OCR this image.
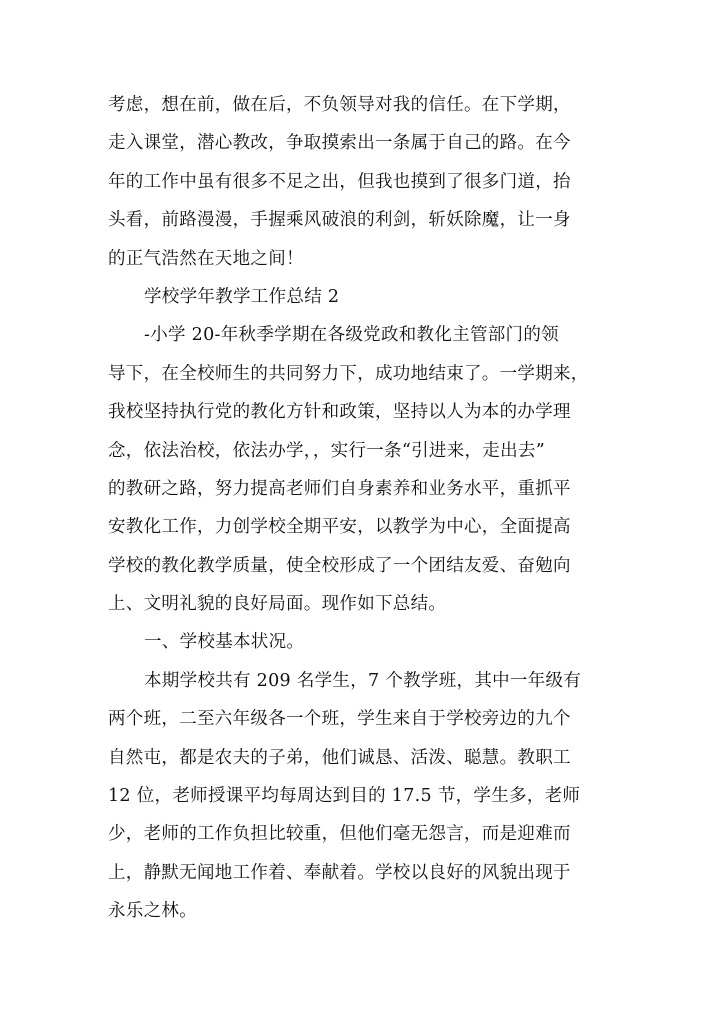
考虑，想在前，做在后，不负领导对我的信任。在下学期，
走入课堂，潜心教改，争取摸索出一条属于自己的路。在今
年的工作中虽有很多不足之出，但我也摸到了很多门道，抬
头看，前路漫漫，手握乘风破浪的利剑，斩妖除魔，让一身
的正气浩然在天地之间！
学校学年教学工作总结 2
-小学 20-年秋季学期在各级党政和教化主管部门的领
导下，在全校师生的共同努力下，成功地结束了。一学期来，
我校坚持执行党的教化方针和政策，坚持以人为本的办学理
念，依法治校，依法办学，，实行一条“引进来，走出去”
的教研之路，努力提高老师们自身素养和业务水平，重抓平
安教化工作，力创学校全期平安，以教学为中心，全面提高
学校的教化教学质量，使全校形成了一个团结友爱、奋勉向
上、文明礼貌的良好局面。现作如下总结。
一、学校基本状况。
本期学校共有 209 名学生，7 个教学班，其中一年级有
两个班，二至六年级各一个班，学生来自于学校旁边的九个
自然屯，都是农夫的子弟，他们诚恳、活泼、聪慧。教职工
12 位，老师授课平均每周达到目的 17.5 节，学生多，老师
少，老师的工作负担比较重，但他们毫无怨言，而是迎难而
上，静默无闻地工作着、奉献着。学校以良好的风貌出现于
永乐之林。
